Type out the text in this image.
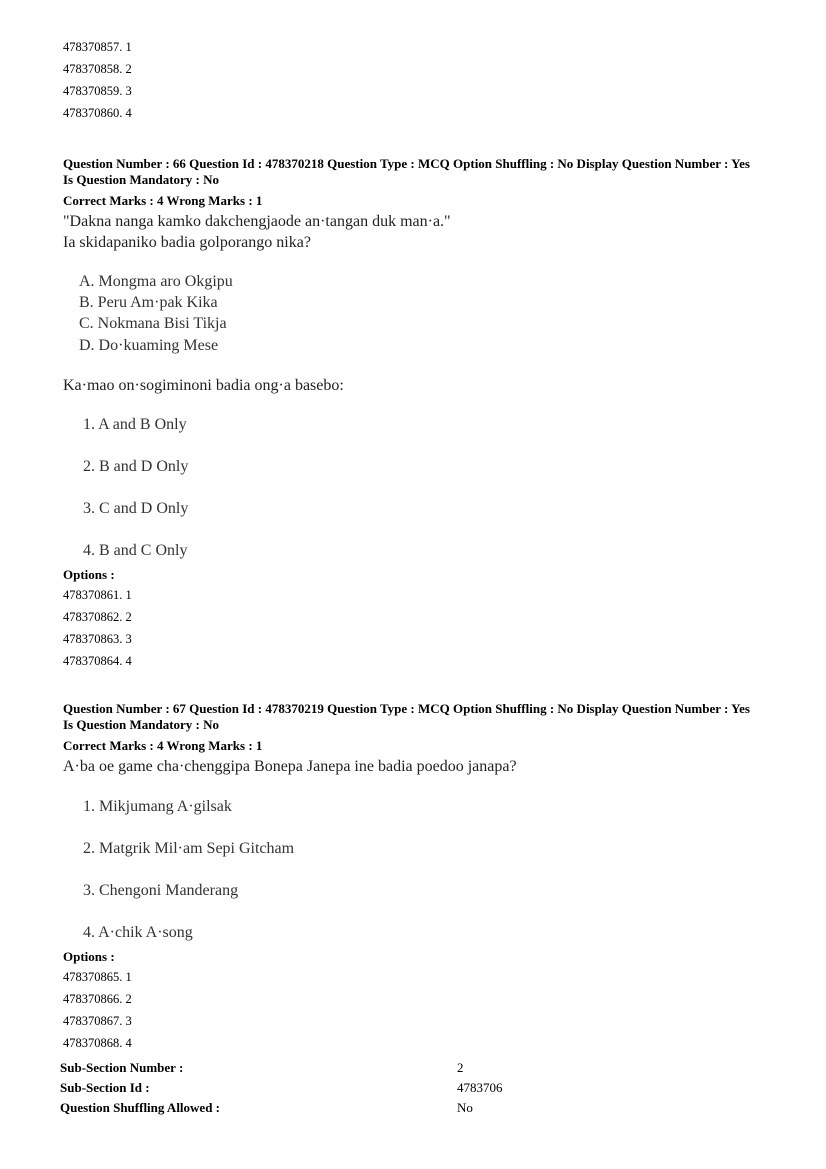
478370857. 1
478370858. 2
478370859. 3
478370860. 4
Question Number : 66 Question Id : 478370218 Question Type : MCQ Option Shuffling : No Display Question Number : Yes Is Question Mandatory : No
Correct Marks : 4 Wrong Marks : 1
"Dakna nanga kamko dakchengjaode an·tangan duk man·a."
Ia skidapaniko badia golporango nika?
A. Mongma aro Okgipu
B. Peru Am·pak Kika
C. Nokmana Bisi Tikja
D. Do·kuaming Mese
Ka·mao on·sogiminoni badia ong·a basebo:
1. A and B Only
2. B and D Only
3. C and D Only
4. B and C Only
Options :
478370861. 1
478370862. 2
478370863. 3
478370864. 4
Question Number : 67 Question Id : 478370219 Question Type : MCQ Option Shuffling : No Display Question Number : Yes Is Question Mandatory : No
Correct Marks : 4 Wrong Marks : 1
A·ba oe game cha·chenggipa Bonepa Janepa ine badia poedoo janapa?
1. Mikjumang A·gilsak
2. Matgrik Mil·am Sepi Gitcham
3. Chengoni Manderang
4. A·chik A·song
Options :
478370865. 1
478370866. 2
478370867. 3
478370868. 4
Sub-Section Number :	2
Sub-Section Id :	4783706
Question Shuffling Allowed :	No
